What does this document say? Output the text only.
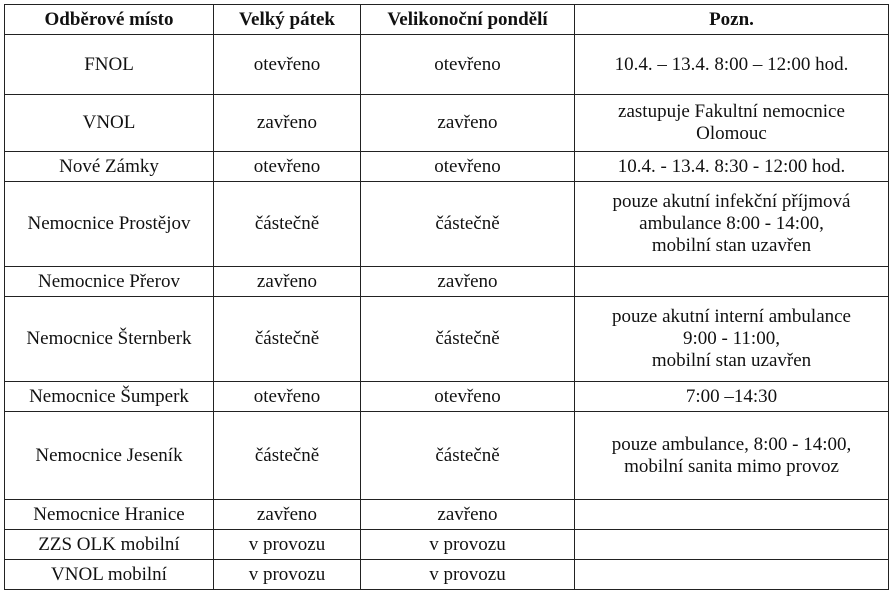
Odběrové místo	Velký pátek	Velikonoční pondělí	Pozn.
FNOL	otevřeno	otevřeno	10.4. – 13.4. 8:00 – 12:00 hod.
VNOL	zavřeno	zavřeno	zastupuje Fakultní nemocnice
Olomouc
Nové Zámky	otevřeno	otevřeno	10.4. - 13.4. 8:30 - 12:00 hod.
Nemocnice Prostějov	částečně	částečně	pouze akutní infekční příjmová
ambulance 8:00 - 14:00,
mobilní stan uzavřen
Nemocnice Přerov	zavřeno	zavřeno	
Nemocnice Šternberk	částečně	částečně	pouze akutní interní ambulance
9:00 - 11:00,
mobilní stan uzavřen
Nemocnice Šumperk	otevřeno	otevřeno	7:00 –14:30
Nemocnice Jeseník	částečně	částečně	pouze ambulance, 8:00 - 14:00,
mobilní sanita mimo provoz
Nemocnice Hranice	zavřeno	zavřeno	
ZZS OLK mobilní	v provozu	v provozu	
VNOL mobilní	v provozu	v provozu	
